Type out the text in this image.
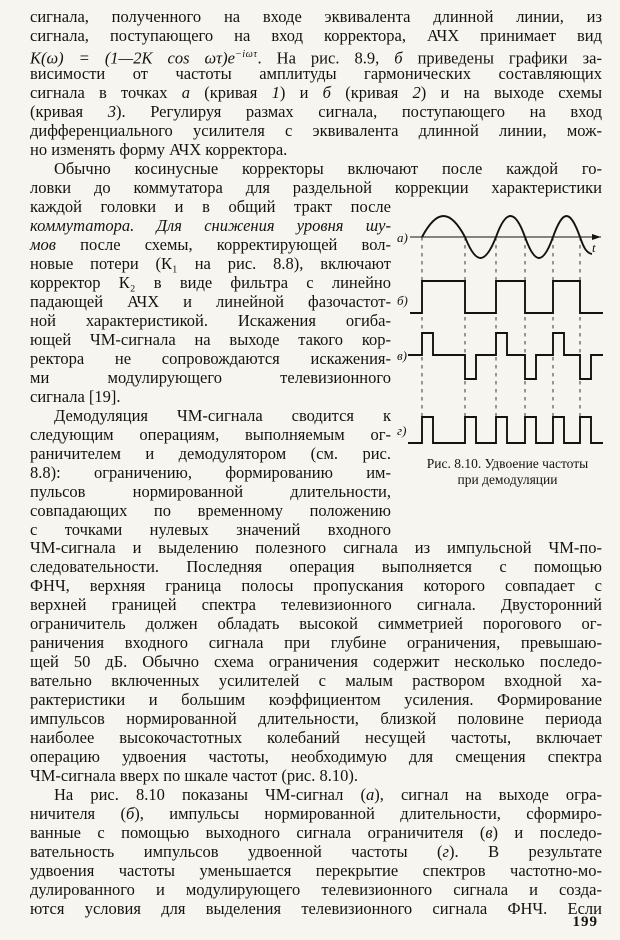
сигнала, полученного на входе эквивалента длинной линии, из
сигнала, поступающего на вход корректора, АЧХ принимает вид
K(ω) = (1—2K $\cos \omega\tau)e^{-i\omega\tau}$. На рис. 8.9, б приведены графики за-
висимости от частоты амплитуды гармонических составляющих
сигнала в точках а (кривая 1) и б (кривая 2) и на выходе схемы
(кривая 3). Регулируя размах сигнала, поступающего на вход
дифференциального усилителя с эквивалента длинной линии, мож-
но изменять форму АЧХ корректора.
Обычно косинусные корректоры включают после каждой го-
ловки до коммутатора для раздельной коррекции характеристики
каждой головки и в общий тракт после
коммутатора. Для снижения уровня шу-
мов после схемы, корректирующей вол-
новые потери (К₁ на рис. 8.8), включают
корректор К₂ в виде фильтра с линейно
падающей АЧХ и линейной фазочастот-
ной характеристикой. Искажения огиба-
ющей ЧМ-сигнала на выходе такого кор-
ректора не сопровождаются искажения-
ми модулирующего телевизионного
сигнала [19].
Демодуляция ЧМ-сигнала сводится к
следующим операциям, выполняемым ог-
раничителем и демодулятором (см. рис.
8.8): ограничению, формированию им-
пульсов нормированной длительности,
совпадающих по временному положению
с точками нулевых значений входного
а)
t
б)
в)
г)
Рис. 8.10. Удвоение частоты
при демодуляции
ЧМ-сигнала и выделению полезного сигнала из импульсной ЧМ-по-
следовательности. Последняя операция выполняется с помощью
ФНЧ, верхняя граница полосы пропускания которого совпадает с
верхней границей спектра телевизионного сигнала. Двусторонний
ограничитель должен обладать высокой симметрией порогового ог-
раничения входного сигнала при глубине ограничения, превышаю-
щей 50 дБ. Обычно схема ограничения содержит несколько последо-
вательно включенных усилителей с малым раствором входной ха-
рактеристики и большим коэффициентом усиления. Формирование
импульсов нормированной длительности, близкой половине периода
наиболее высокочастотных колебаний несущей частоты, включает
операцию удвоения частоты, необходимую для смещения спектра
ЧМ-сигнала вверх по шкале частот (рис. 8.10).
На рис. 8.10 показаны ЧМ-сигнал (а), сигнал на выходе огра-
ничителя (б), импульсы нормированной длительности, сформиро-
ванные с помощью выходного сигнала ограничителя (в) и последо-
вательность импульсов удвоенной частоты (г). В результате
удвоения частоты уменьшается перекрытие спектров частотно-мо-
дулированного и модулирующего телевизионного сигнала и созда-
ются условия для выделения телевизионного сигнала ФНЧ. Если
199
